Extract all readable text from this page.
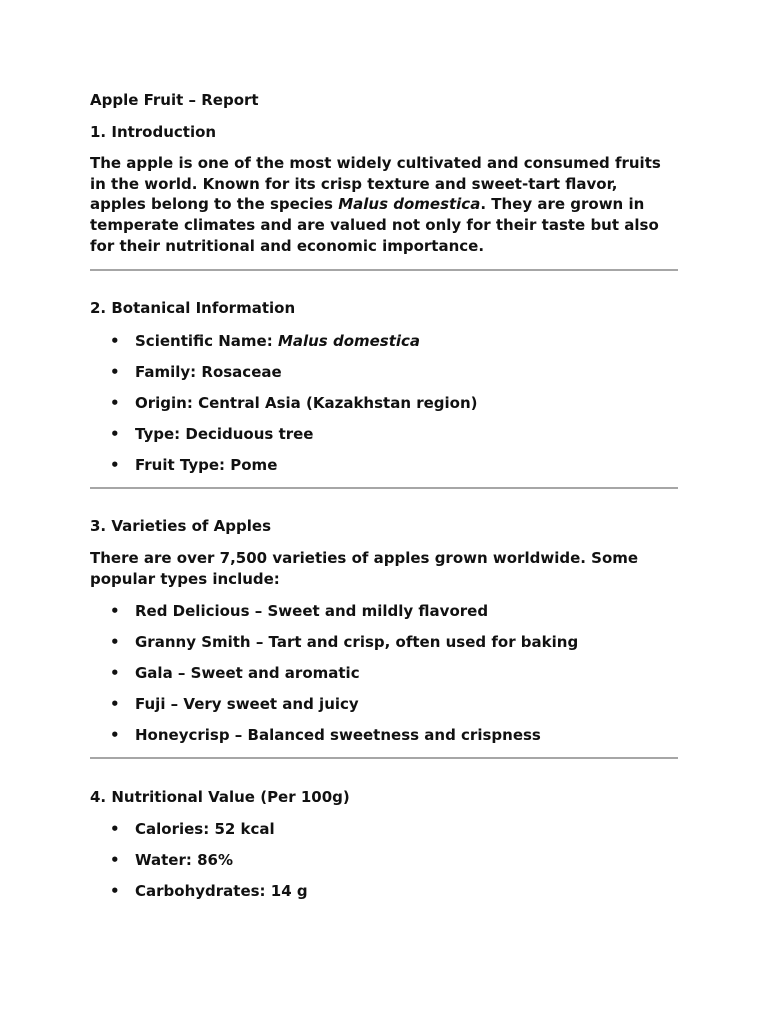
Apple Fruit – Report

1. Introduction

The apple is one of the most widely cultivated and consumed fruits in the world. Known for its crisp texture and sweet-tart flavor, apples belong to the species Malus domestica. They are grown in temperate climates and are valued not only for their taste but also for their nutritional and economic importance.

2. Botanical Information

• Scientific Name: Malus domestica
• Family: Rosaceae
• Origin: Central Asia (Kazakhstan region)
• Type: Deciduous tree
• Fruit Type: Pome

3. Varieties of Apples

There are over 7,500 varieties of apples grown worldwide. Some popular types include:

• Red Delicious – Sweet and mildly flavored
• Granny Smith – Tart and crisp, often used for baking
• Gala – Sweet and aromatic
• Fuji – Very sweet and juicy
• Honeycrisp – Balanced sweetness and crispness

4. Nutritional Value (Per 100g)

• Calories: 52 kcal
• Water: 86%
• Carbohydrates: 14 g
